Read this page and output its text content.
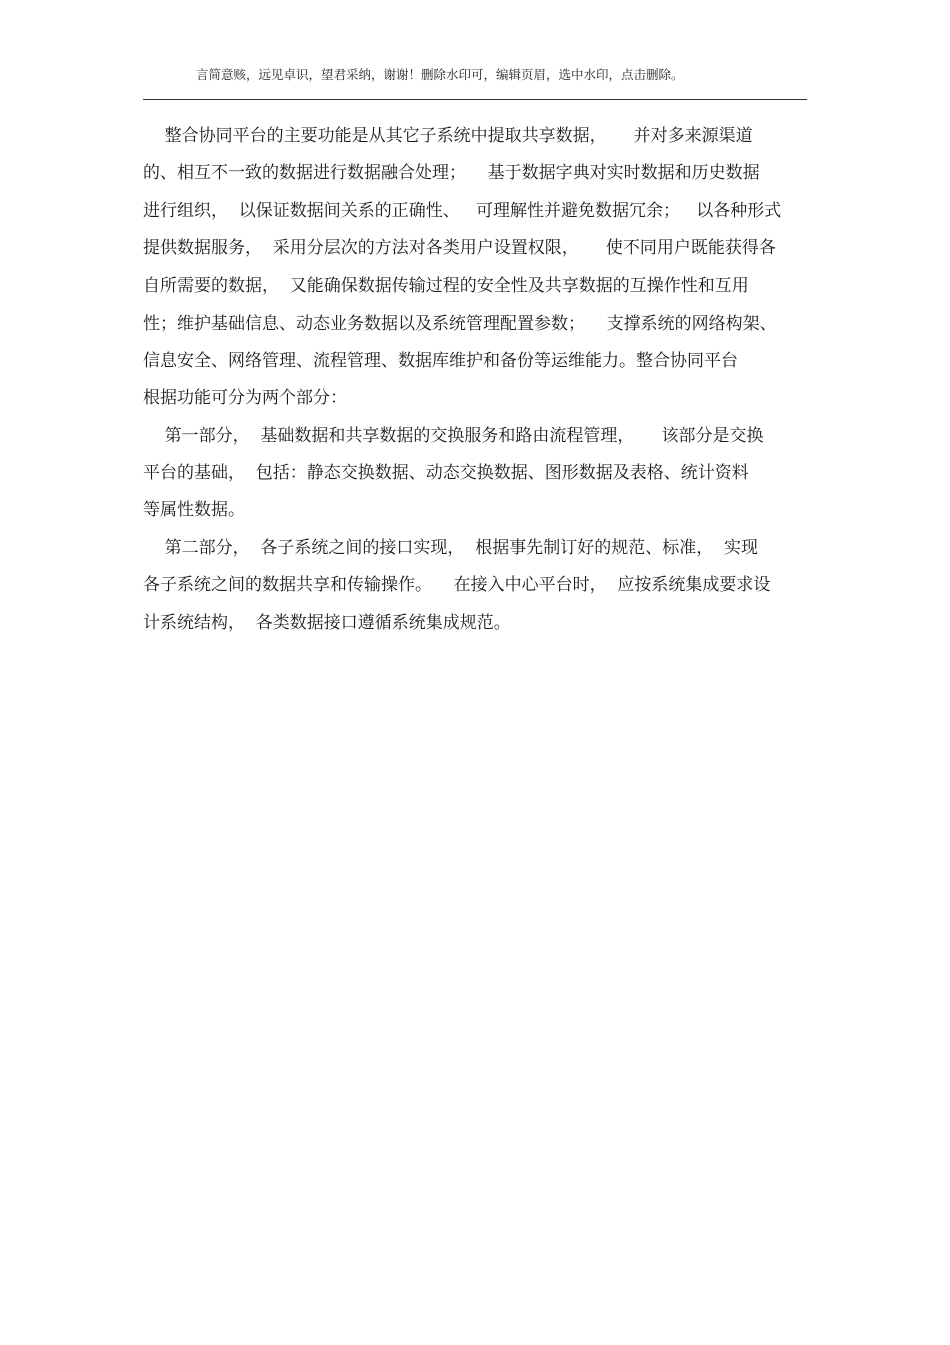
言简意赅，远见卓识，望君采纳，谢谢！删除水印可，编辑页眉，选中水印，点击删除。
整合协同平台的主要功能是从其它子系统中提取共享数据，     并对多来源渠道
的、相互不一致的数据进行数据融合处理；    基于数据字典对实时数据和历史数据
进行组织，  以保证数据间关系的正确性、   可理解性并避免数据冗余；   以各种形式
提供数据服务，  采用分层次的方法对各类用户设置权限，     使不同用户既能获得各
自所需要的数据，  又能确保数据传输过程的安全性及共享数据的互操作性和互用
性；维护基础信息、动态业务数据以及系统管理配置参数；    支撑系统的网络构架、
信息安全、网络管理、流程管理、数据库维护和备份等运维能力。整合协同平台
根据功能可分为两个部分：
第一部分，  基础数据和共享数据的交换服务和路由流程管理，     该部分是交换
平台的基础，  包括：静态交换数据、动态交换数据、图形数据及表格、统计资料
等属性数据。
第二部分，  各子系统之间的接口实现，  根据事先制订好的规范、标准，  实现
各子系统之间的数据共享和传输操作。    在接入中心平台时，  应按系统集成要求设
计系统结构，  各类数据接口遵循系统集成规范。
